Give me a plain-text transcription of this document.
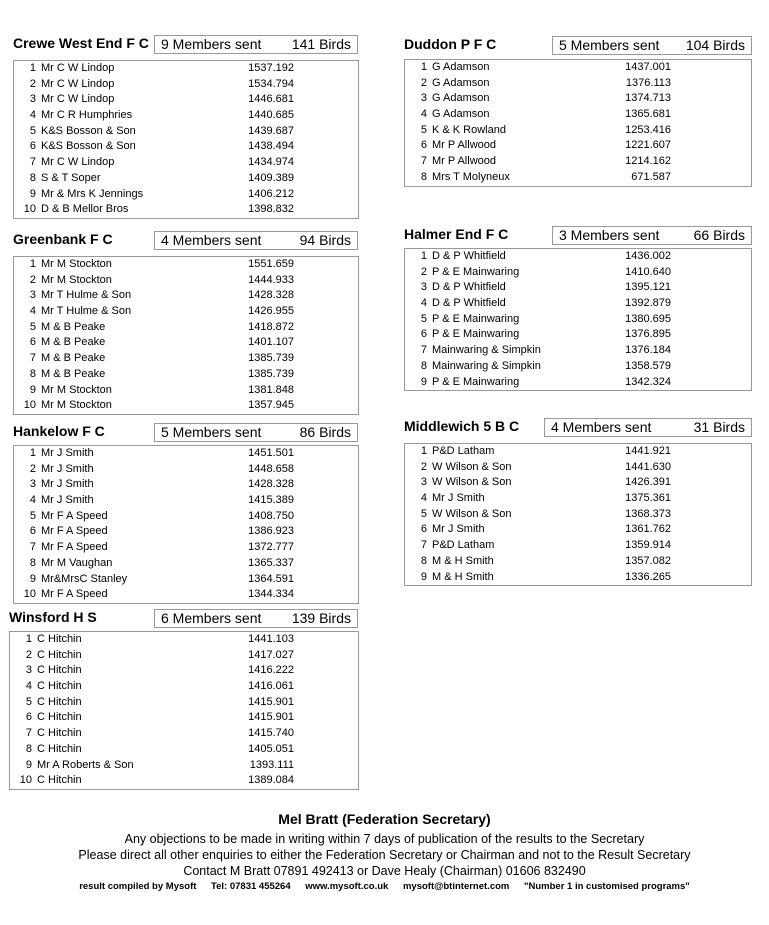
Crewe West End F C 9 Members sent 141 Birds
1 Mr C W Lindop	1537.192
2 Mr C W Lindop	1534.794
3 Mr C W Lindop	1446.681
4 Mr C R Humphries	1440.685
5 K&S Bosson & Son	1439.687
6 K&S Bosson & Son	1438.494
7 Mr C W Lindop	1434.974
8 S & T Soper	1409.389
9 Mr & Mrs K Jennings	1406.212
10 D & B Mellor Bros	1398.832
Greenbank F C	4 Members sent	94 Birds
1 Mr M Stockton	1551.659
2 Mr M Stockton	1444.933
3 Mr T Hulme & Son	1428.328
4 Mr T Hulme & Son	1426.955
5 M & B Peake	1418.872
6 M & B Peake	1401.107
7 M & B Peake	1385.739
8 M & B Peake	1385.739
9 Mr M Stockton	1381.848
10 Mr M Stockton	1357.945
Hankelow F C	5 Members sent	86 Birds
1 Mr J Smith	1451.501
2 Mr J Smith	1448.658
3 Mr J Smith	1428.328
4 Mr J Smith	1415.389
5 Mr F A Speed	1408.750
6 Mr F A Speed	1386.923
7 Mr F A Speed	1372.777
8 Mr M Vaughan	1365.337
9 Mr&MrsC Stanley	1364.591
10 Mr F A Speed	1344.334
Winsford H S	6 Members sent 139 Birds
1 C Hitchin	1441.103
2 C Hitchin	1417.027
3 C Hitchin	1416.222
4 C Hitchin	1416.061
5 C Hitchin	1415.901
6 C Hitchin	1415.901
7 C Hitchin	1415.740
8 C Hitchin	1405.051
9 Mr A Roberts & Son	1393.111
10 C Hitchin	1389.084
Duddon P F C	5 Members sent 104 Birds
1 G Adamson	1437.001
2 G Adamson	1376.113
3 G Adamson	1374.713
4 G Adamson	1365.681
5 K & K Rowland	1253.416
6 Mr P Allwood	1221.607
7 Mr P Allwood	1214.162
8 Mrs T Molyneux	671.587
Halmer End F C	3 Members sent 66 Birds
1 D & P Whitfield	1436.002
2 P & E Mainwaring	1410.640
3 D & P Whitfield	1395.121
4 D & P Whitfield	1392.879
5 P & E Mainwaring	1380.695
6 P & E Mainwaring	1376.895
7 Mainwaring & Simpkin	1376.184
8 Mainwaring & Simpkin	1358.579
9 P & E Mainwaring	1342.324
Middlewich 5 B C	4 Members sent	31 Birds
1 P&D Latham	1441.921
2 W Wilson & Son	1441.630
3 W Wilson & Son	1426.391
4 Mr J Smith	1375.361
5 W Wilson & Son	1368.373
6 Mr J Smith	1361.762
7 P&D Latham	1359.914
8 M & H Smith	1357.082
9 M & H Smith	1336.265
Mel Bratt (Federation Secretary)
Any objections to be made in writing within 7 days of publication of the results to the Secretary
Please direct all other enquiries to either the Federation Secretary or Chairman and not to the Result Secretary
Contact M Bratt 07891 492413 or Dave Healy (Chairman) 01606 832490
result compiled by Mysoft Tel: 07831 455264 www.mysoft.co.uk mysoft@btinternet.com "Number 1 in customised programs"
